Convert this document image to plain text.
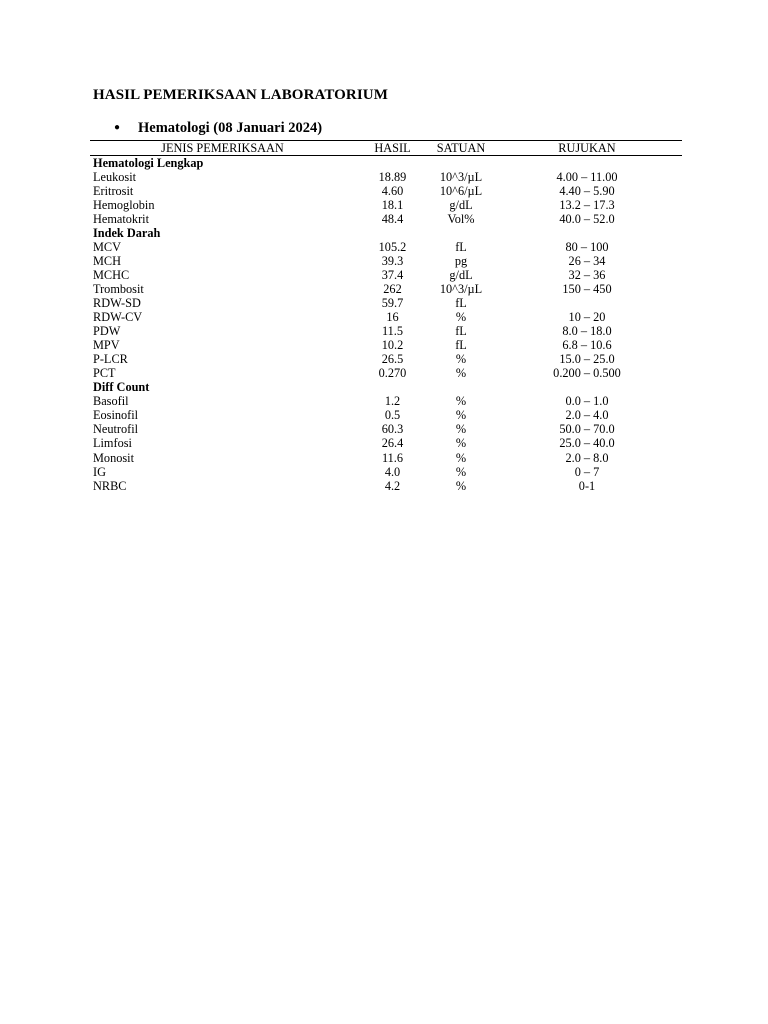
HASIL PEMERIKSAAN LABORATORIUM
● Hematologi (08 Januari 2024)
JENIS PEMERIKSAAN	HASIL	SATUAN	RUJUKAN
Hematologi Lengkap			
Leukosit	18.89	10^3/µL	4.00 – 11.00
Eritrosit	4.60	10^6/µL	4.40 – 5.90
Hemoglobin	18.1	g/dL	13.2 – 17.3
Hematokrit	48.4	Vol%	40.0 – 52.0
Indek Darah			
MCV	105.2	fL	80 – 100
MCH	39.3	pg	26 – 34
MCHC	37.4	g/dL	32 – 36
Trombosit	262	10^3/µL	150 – 450
RDW-SD	59.7	fL	
RDW-CV	16	%	10 – 20
PDW	11.5	fL	8.0 – 18.0
MPV	10.2	fL	6.8 – 10.6
P-LCR	26.5	%	15.0 – 25.0
PCT	0.270	%	0.200 – 0.500
Diff Count			
Basofil	1.2	%	0.0 – 1.0
Eosinofil	0.5	%	2.0 – 4.0
Neutrofil	60.3	%	50.0 – 70.0
Limfosi	26.4	%	25.0 – 40.0
Monosit	11.6	%	2.0 – 8.0
IG	4.0	%	0 – 7
NRBC	4.2	%	0-1
